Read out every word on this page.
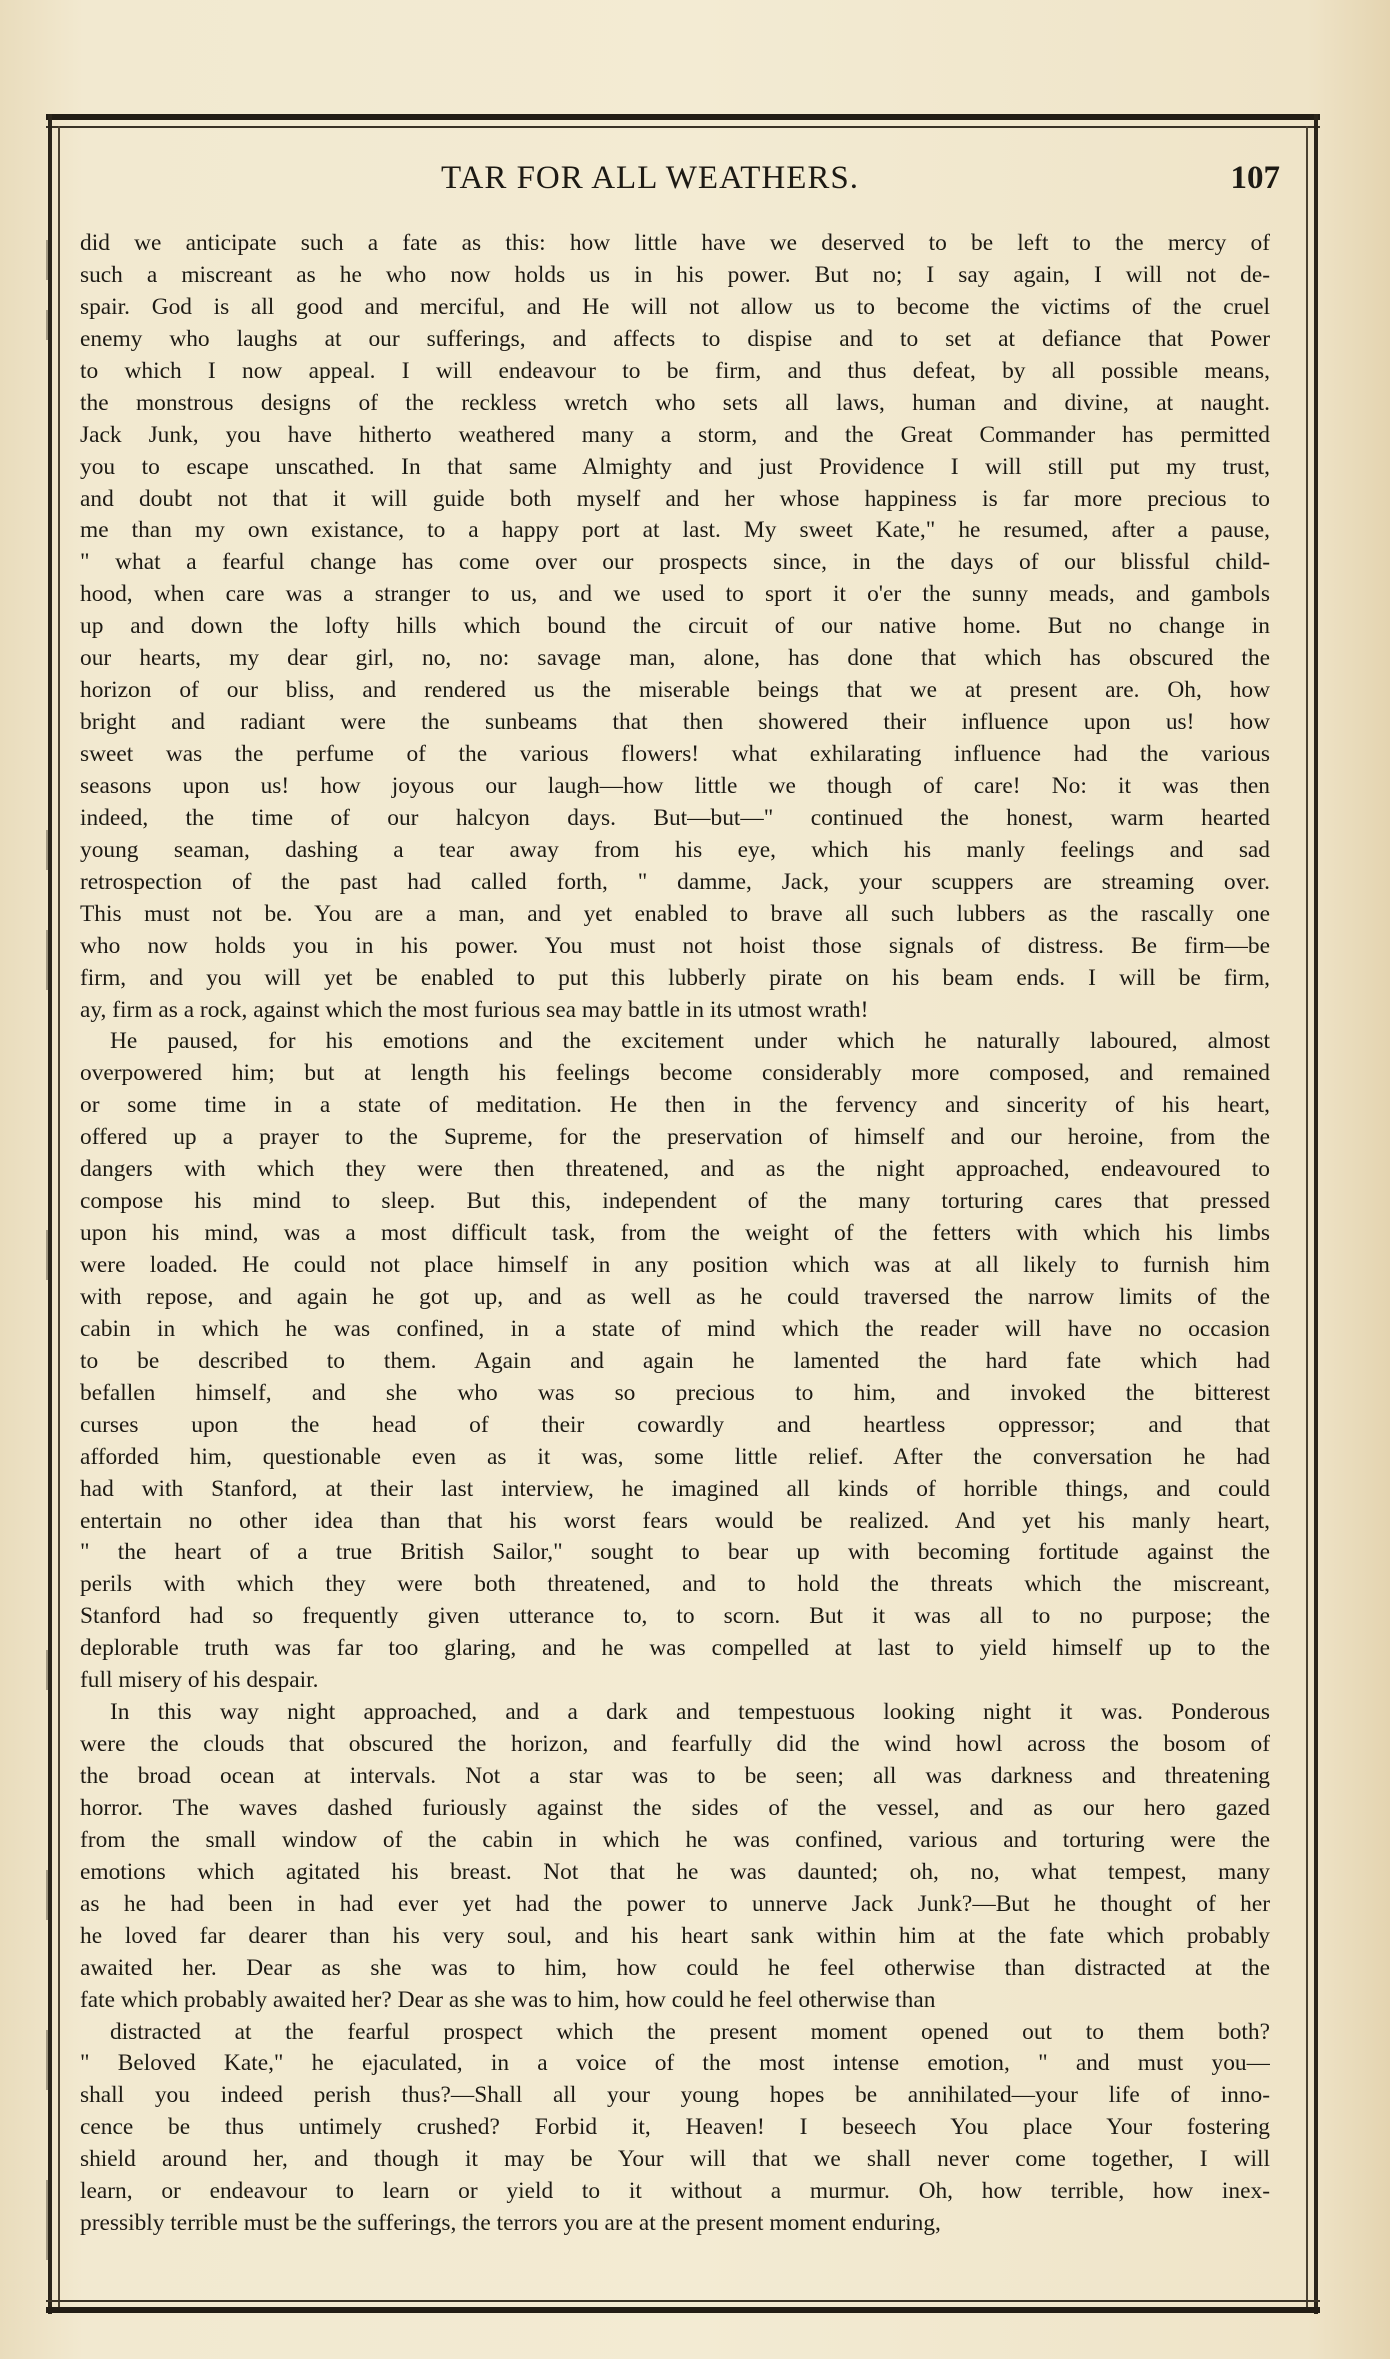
TAR FOR ALL WEATHERS.	107
did we anticipate such a fate as this: how little have we deserved to be left to the mercy of
such a miscreant as he who now holds us in his power. But no; I say again, I will not de-
spair. God is all good and merciful, and He will not allow us to become the victims of the cruel
enemy who laughs at our sufferings, and affects to dispise and to set at defiance that Power
to which I now appeal. I will endeavour to be firm, and thus defeat, by all possible means,
the monstrous designs of the reckless wretch who sets all laws, human and divine, at naught.
Jack Junk, you have hitherto weathered many a storm, and the Great Commander has permitted
you to escape unscathed. In that same Almighty and just Providence I will still put my trust,
and doubt not that it will guide both myself and her whose happiness is far more precious to
me than my own existance, to a happy port at last. My sweet Kate," he resumed, after a pause,
" what a fearful change has come over our prospects since, in the days of our blissful child-
hood, when care was a stranger to us, and we used to sport it o'er the sunny meads, and gambols
up and down the lofty hills which bound the circuit of our native home. But no change in
our hearts, my dear girl, no, no: savage man, alone, has done that which has obscured the
horizon of our bliss, and rendered us the miserable beings that we at present are. Oh, how
bright and radiant were the sunbeams that then showered their influence upon us! how
sweet was the perfume of the various flowers! what exhilarating influence had the various
seasons upon us! how joyous our laugh—how little we though of care! No: it was then
indeed, the time of our halcyon days. But—but—" continued the honest, warm hearted
young seaman, dashing a tear away from his eye, which his manly feelings and sad
retrospection of the past had called forth, " damme, Jack, your scuppers are streaming over.
This must not be. You are a man, and yet enabled to brave all such lubbers as the rascally one
who now holds you in his power. You must not hoist those signals of distress. Be firm—be
firm, and you will yet be enabled to put this lubberly pirate on his beam ends. I will be firm,
ay, firm as a rock, against which the most furious sea may battle in its utmost wrath!
He paused, for his emotions and the excitement under which he naturally laboured, almost
overpowered him; but at length his feelings become considerably more composed, and remained
or some time in a state of meditation. He then in the fervency and sincerity of his heart,
offered up a prayer to the Supreme, for the preservation of himself and our heroine, from the
dangers with which they were then threatened, and as the night approached, endeavoured to
compose his mind to sleep. But this, independent of the many torturing cares that pressed
upon his mind, was a most difficult task, from the weight of the fetters with which his limbs
were loaded. He could not place himself in any position which was at all likely to furnish him
with repose, and again he got up, and as well as he could traversed the narrow limits of the
cabin in which he was confined, in a state of mind which the reader will have no occasion
to be described to them. Again and again he lamented the hard fate which had
befallen himself, and she who was so precious to him, and invoked the bitterest
curses upon the head of their cowardly and heartless oppressor; and that
afforded him, questionable even as it was, some little relief. After the conversation he had
had with Stanford, at their last interview, he imagined all kinds of horrible things, and could
entertain no other idea than that his worst fears would be realized. And yet his manly heart,
" the heart of a true British Sailor," sought to bear up with becoming fortitude against the
perils with which they were both threatened, and to hold the threats which the miscreant,
Stanford had so frequently given utterance to, to scorn. But it was all to no purpose; the
deplorable truth was far too glaring, and he was compelled at last to yield himself up to the
full misery of his despair.
In this way night approached, and a dark and tempestuous looking night it was. Ponderous
were the clouds that obscured the horizon, and fearfully did the wind howl across the bosom of
the broad ocean at intervals. Not a star was to be seen; all was darkness and threatening
horror. The waves dashed furiously against the sides of the vessel, and as our hero gazed
from the small window of the cabin in which he was confined, various and torturing were the
emotions which agitated his breast. Not that he was daunted; oh, no, what tempest, many
as he had been in had ever yet had the power to unnerve Jack Junk?—But he thought of her
he loved far dearer than his very soul, and his heart sank within him at the fate which probably
awaited her. Dear as she was to him, how could he feel otherwise than distracted at the
fate which probably awaited her? Dear as she was to him, how could he feel otherwise than
distracted at the fearful prospect which the present moment opened out to them both?
" Beloved Kate," he ejaculated, in a voice of the most intense emotion, " and must you—
shall you indeed perish thus?—Shall all your young hopes be annihilated—your life of inno-
cence be thus untimely crushed? Forbid it, Heaven! I beseech You place Your fostering
shield around her, and though it may be Your will that we shall never come together, I will
learn, or endeavour to learn or yield to it without a murmur. Oh, how terrible, how inex-
pressibly terrible must be the sufferings, the terrors you are at the present moment enduring,
